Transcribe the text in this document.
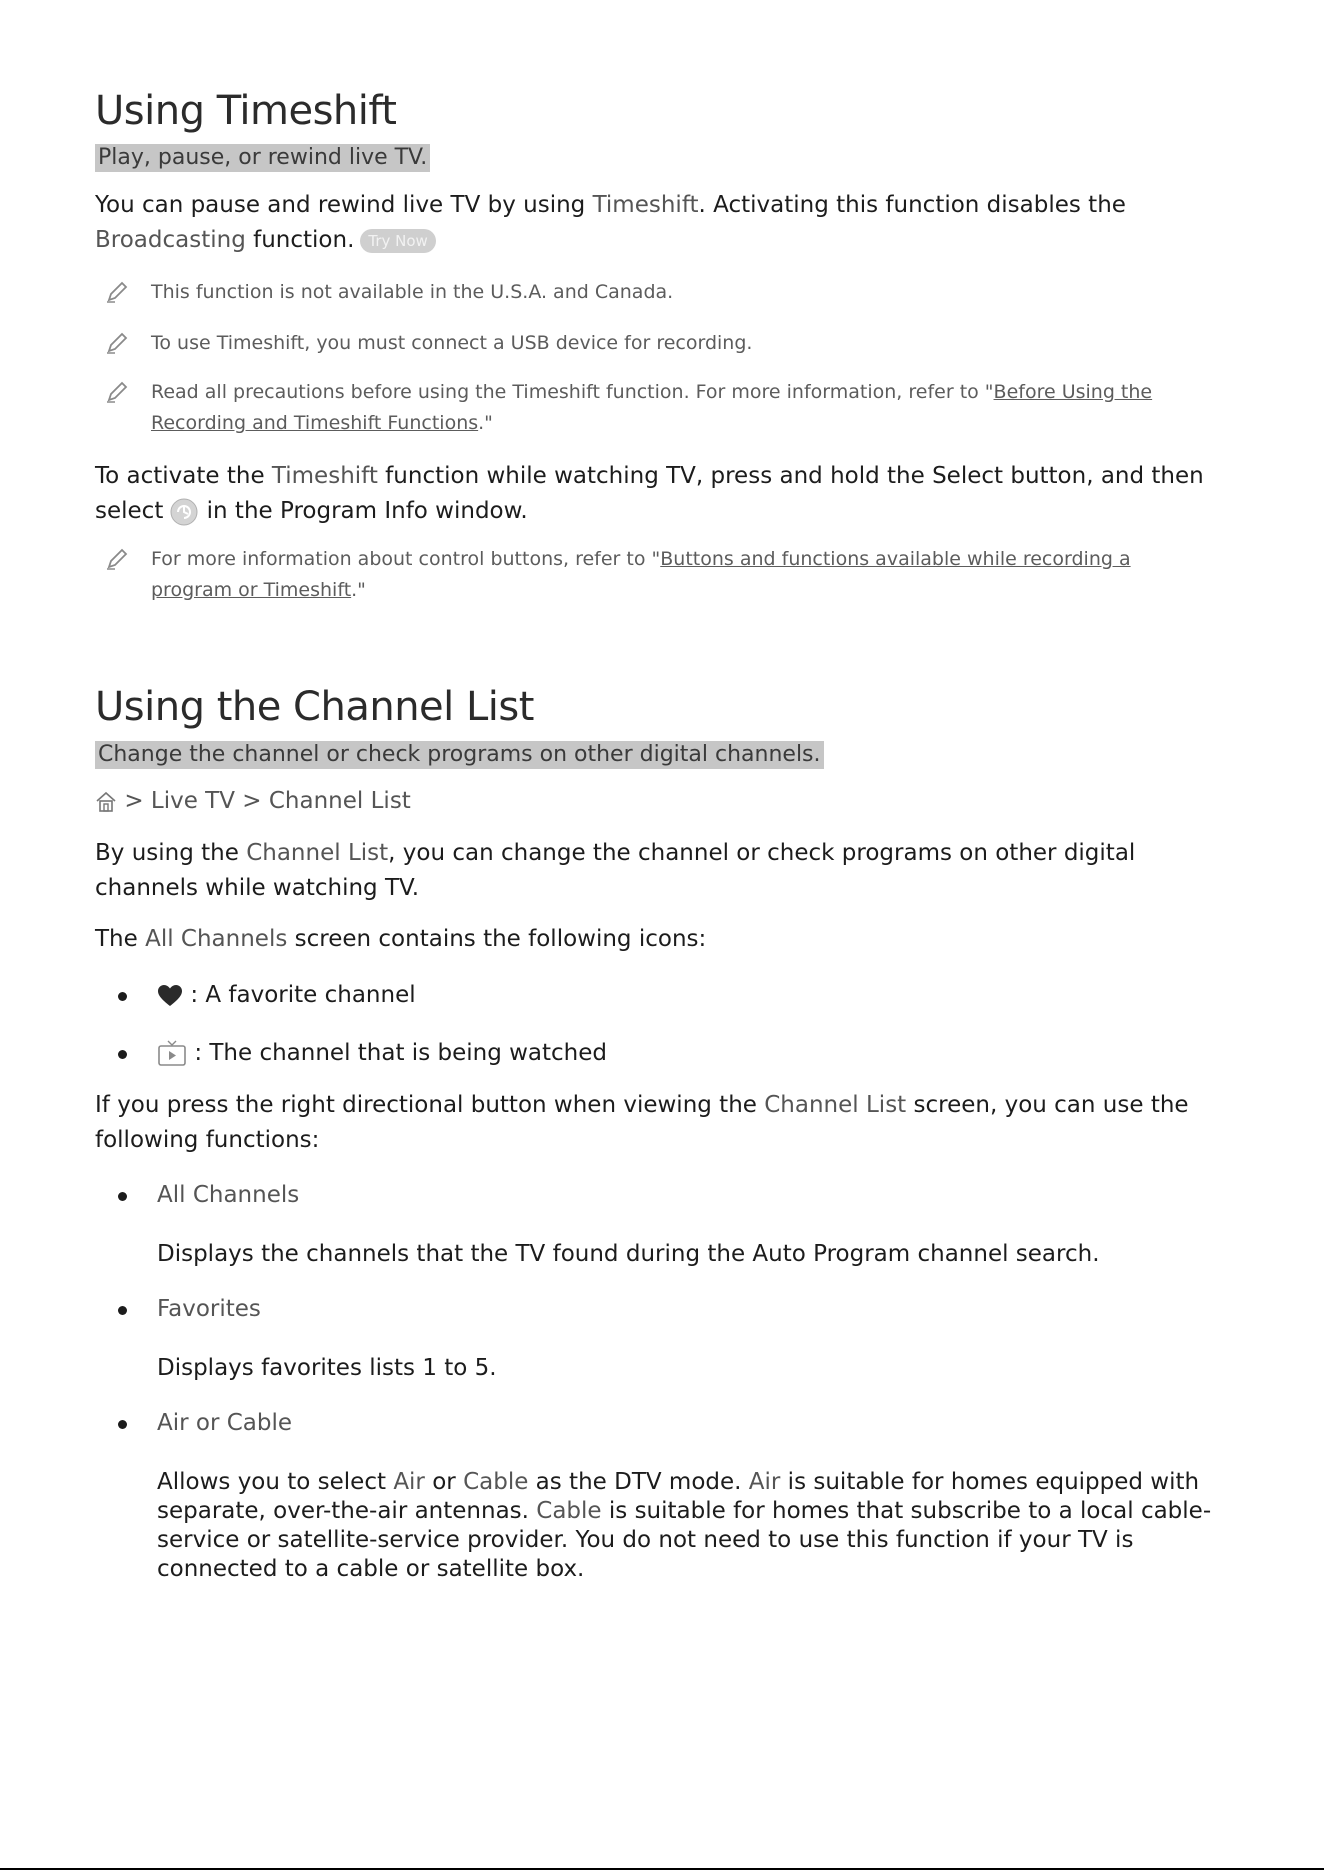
Using Timeshift
Play, pause, or rewind live TV.

You can pause and rewind live TV by using Timeshift. Activating this function disables the Broadcasting function. Try Now

This function is not available in the U.S.A. and Canada.
To use Timeshift, you must connect a USB device for recording.
Read all precautions before using the Timeshift function. For more information, refer to "Before Using the Recording and Timeshift Functions."

To activate the Timeshift function while watching TV, press and hold the Select button, and then select in the Program Info window.

For more information about control buttons, refer to "Buttons and functions available while recording a program or Timeshift."
Using the Channel List
Change the channel or check programs on other digital channels.

> Live TV > Channel List

By using the Channel List, you can change the channel or check programs on other digital channels while watching TV.

The All Channels screen contains the following icons:

: A favorite channel

: The channel that is being watched

If you press the right directional button when viewing the Channel List screen, you can use the following functions:

All Channels

Displays the channels that the TV found during the Auto Program channel search.

Favorites

Displays favorites lists 1 to 5.

Air or Cable

Allows you to select Air or Cable as the DTV mode. Air is suitable for homes equipped with separate, over-the-air antennas. Cable is suitable for homes that subscribe to a local cable-service or satellite-service provider. You do not need to use this function if your TV is connected to a cable or satellite box.
